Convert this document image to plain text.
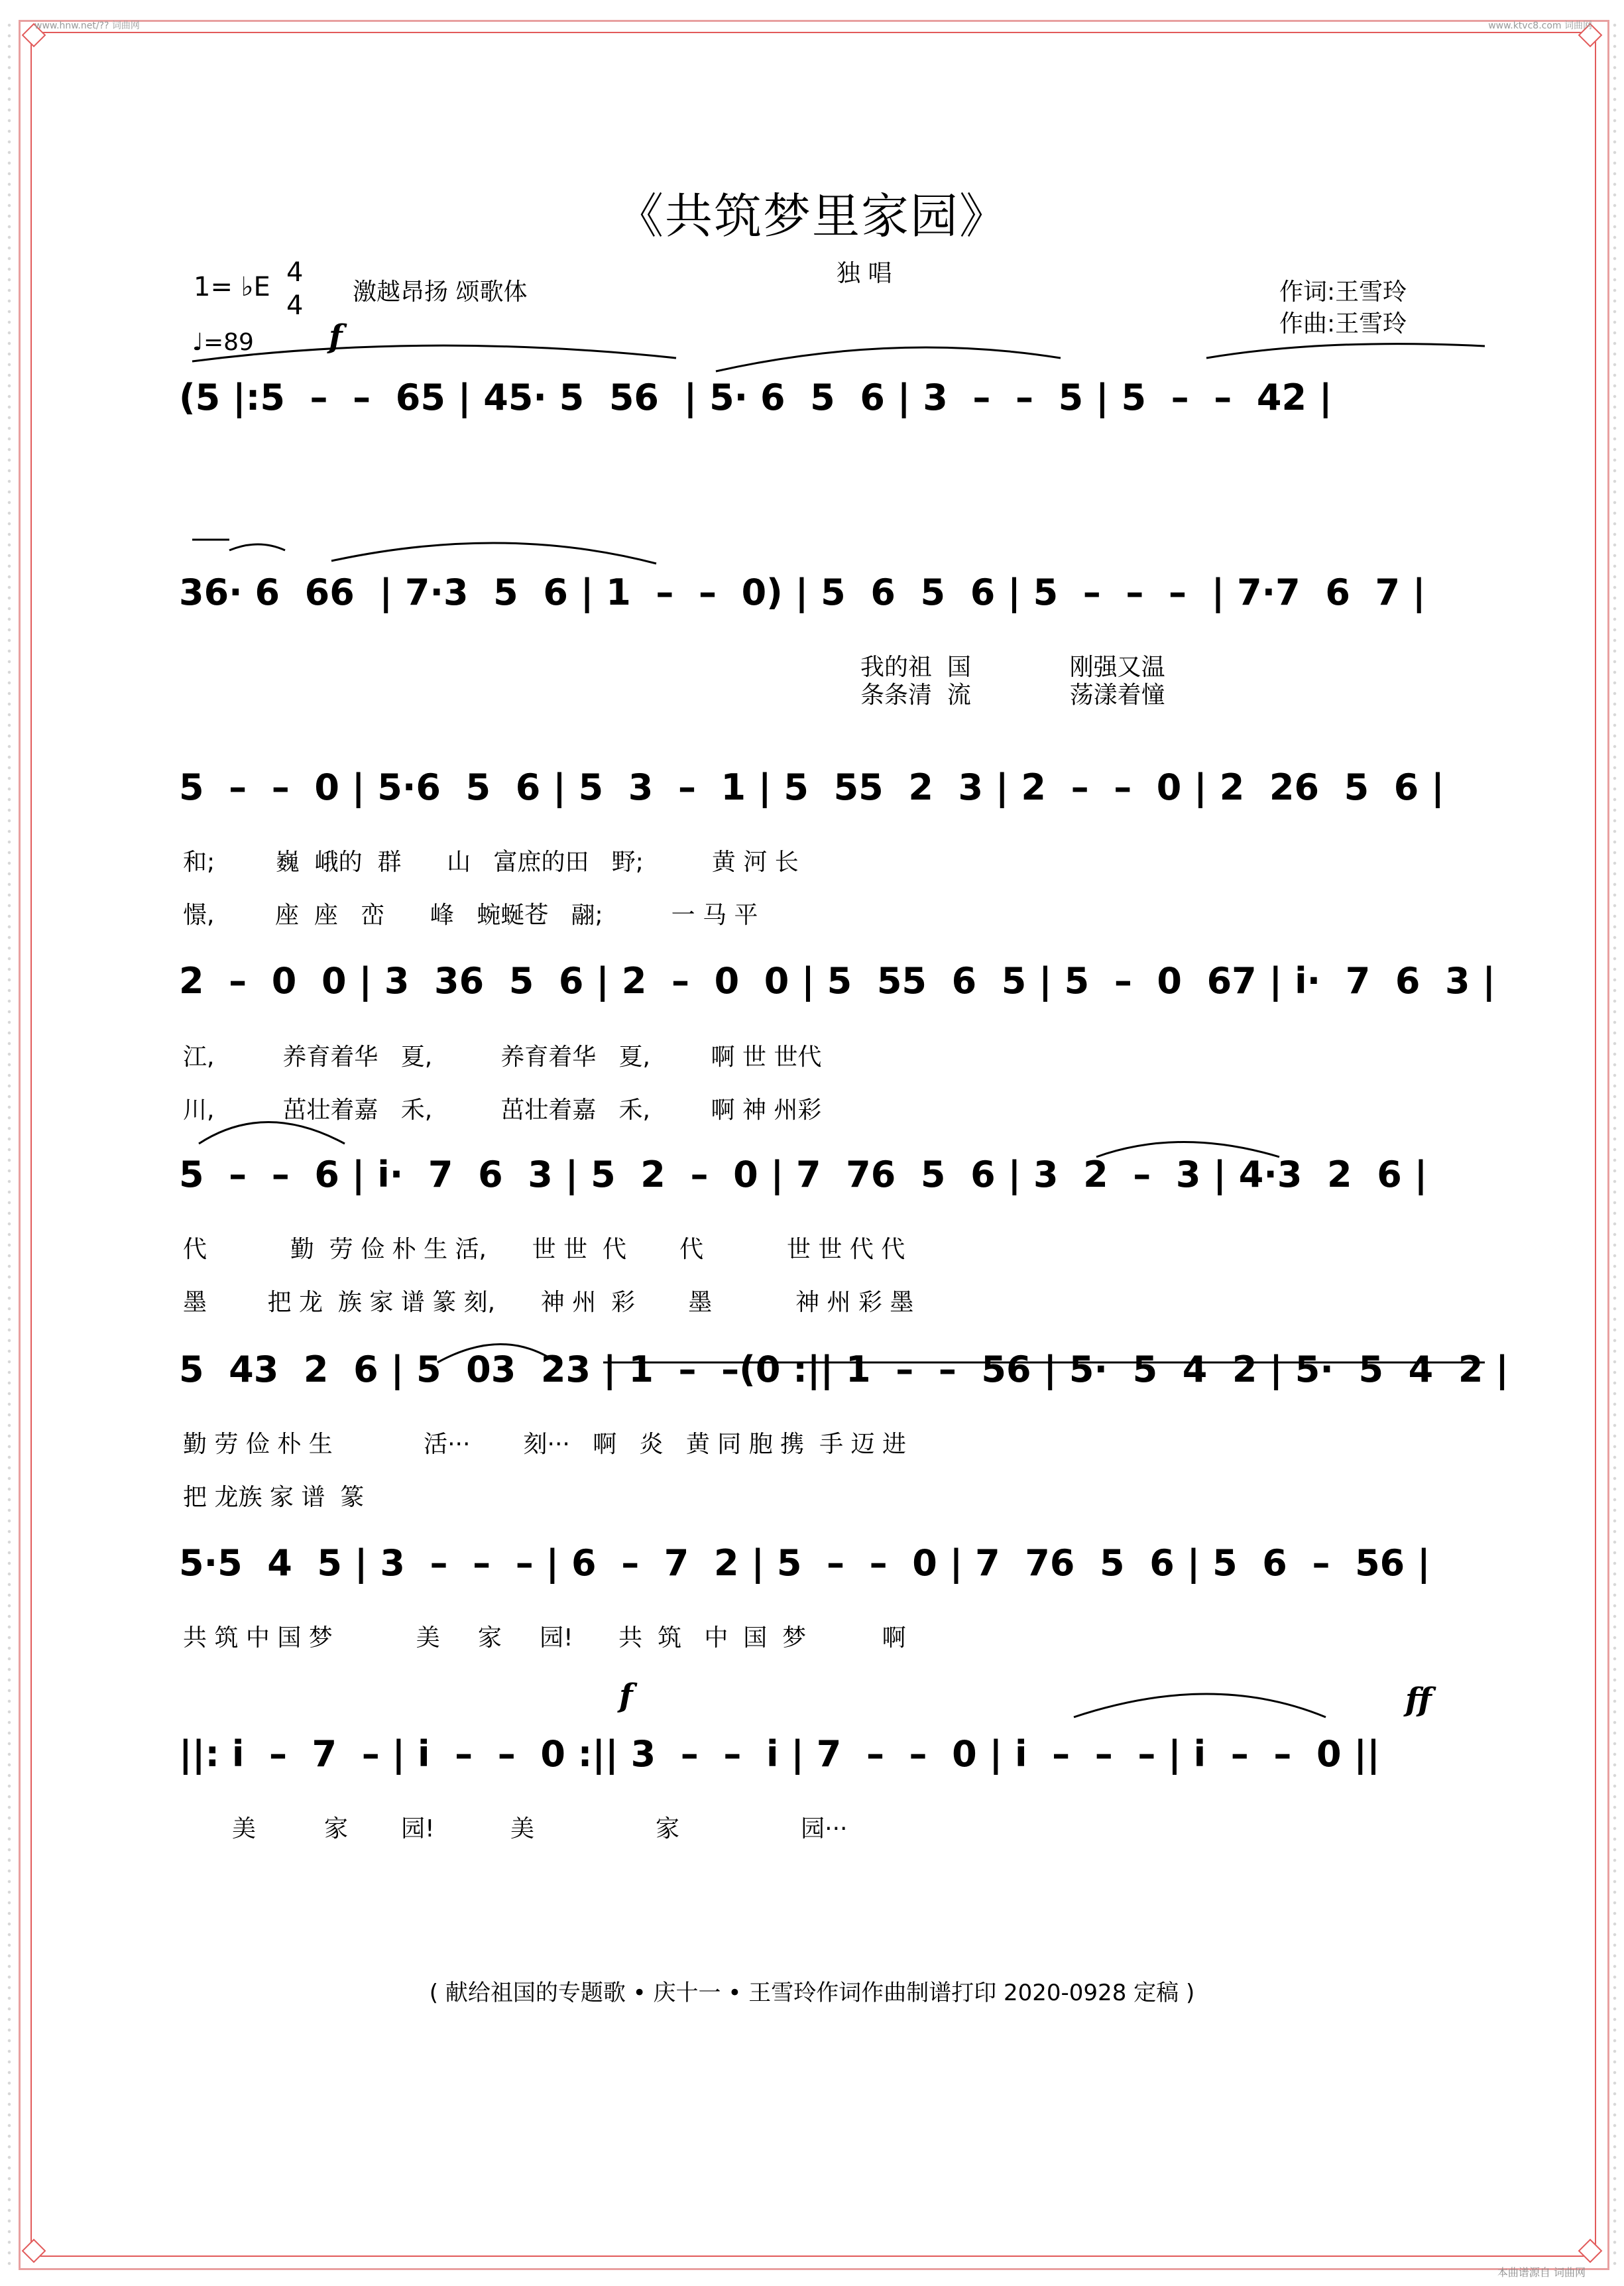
www.hnw.net/?? 词曲网	www.ktvc8.com 词曲网
《共筑梦里家园》
1= ♭E 4
4 激越昂扬 颂歌体
♩=89
独 唱
作词:王雪玲
作曲:王雪玲
f
(5 |:5  –  –  65 | 45· 5  56  | 5· 6  5  6 | 3  –  –  5 | 5  –  –  42 |
36· 6  66  | 7·3  5  6 | 1  –  –  0) | 5  6  5  6 | 5  –  –  –  | 7·7  6  7 |
我的祖  国             刚强又温
条条清  流             荡漾着憧
5  –  –  0 | 5·6  5  6 | 5  3  –  1 | 5  55  2  3 | 2  –  –  0 | 2  26  5  6 |
和;        巍  峨的  群      山   富庶的田   野;         黄 河 长
憬,        座  座   峦      峰   蜿蜒苍   翮;         一 马 平
2  –  0  0 | 3  36  5  6 | 2  –  0  0 | 5  55  6  5 | 5  –  0  67 | i·  7  6  3 |
江,         养育着华   夏,         养育着华   夏,        啊 世 世代
川,         茁壮着嘉   禾,         茁壮着嘉   禾,        啊 神 州彩
5  –  –  6 | i·  7  6  3 | 5  2  –  0 | 7  76  5  6 | 3  2  –  3 | 4·3  2  6 |
代           勤  劳 俭 朴 生 活,      世 世  代       代           世 世 代 代
墨        把 龙  族 家 谱 篆 刻,      神 州  彩       墨           神 州 彩 墨
5  43  2  6 | 5  03  23 | 1  –  –(0 :|| 1  –  –  56 | 5·  5  4  2 | 5·  5  4  2 |
勤 劳 俭 朴 生            活···       刻···   啊   炎   黄 同 胞 携  手 迈 进
把 龙族 家 谱  篆
5·5  4  5 | 3  –  –  – | 6  –  7  2 | 5  –  –  0 | 7  76  5  6 | 5  6  –  56 |
共 筑 中 国 梦           美     家     园!      共  筑   中  国  梦          啊
f	ff
||: i  –  7  – | i  –  –  0 :|| 3  –  –  i | 7  –  –  0 | i  –  –  – | i  –  –  0 ||
美         家       园!          美                家                园···
( 献给祖国的专题歌 • 庆十一 • 王雪玲作词作曲制谱打印 2020-0928 定稿 )
本曲谱源自 词曲网
